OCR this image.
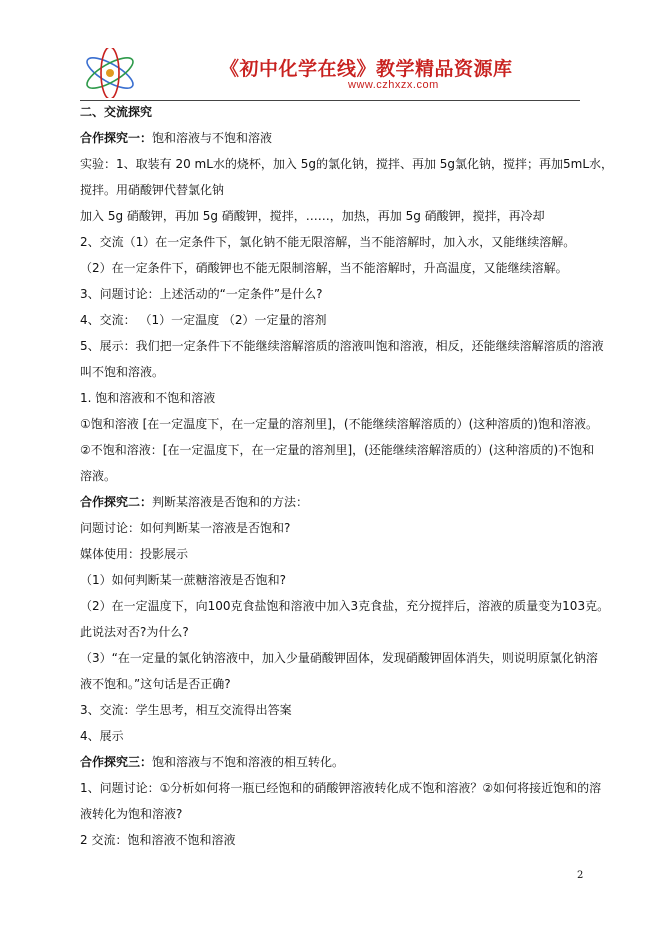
《初中化学在线》教学精品资源库
www.czhxzx.com
二、交流探究
合作探究一：饱和溶液与不饱和溶液
实验：1、取装有 20 mL水的烧杯，加入 5g的氯化钠，搅拌、再加 5g氯化钠，搅拌；再加5mL水，
搅拌。用硝酸钾代替氯化钠
加入 5g 硝酸钾，再加 5g 硝酸钾，搅拌，……，加热，再加 5g 硝酸钾，搅拌，再冷却
2、交流（1）在一定条件下，氯化钠不能无限溶解，当不能溶解时，加入水，又能继续溶解。
（2）在一定条件下，硝酸钾也不能无限制溶解，当不能溶解时，升高温度，又能继续溶解。
3、问题讨论：上述活动的“一定条件”是什么?
4、交流： （1）一定温度 （2）一定量的溶剂
5、展示：我们把一定条件下不能继续溶解溶质的溶液叫饱和溶液，相反，还能继续溶解溶质的溶液
叫不饱和溶液。
1. 饱和溶液和不饱和溶液
①饱和溶液 [在一定温度下，在一定量的溶剂里]，(不能继续溶解溶质的）(这种溶质的)饱和溶液。
②不饱和溶液：[在一定温度下，在一定量的溶剂里]，(还能继续溶解溶质的）(这种溶质的)不饱和
溶液。
合作探究二：判断某溶液是否饱和的方法：
问题讨论：如何判断某一溶液是否饱和?
媒体使用：投影展示
（1）如何判断某一蔗糖溶液是否饱和?
（2）在一定温度下，向100克食盐饱和溶液中加入3克食盐，充分搅拌后，溶液的质量变为103克。
此说法对否?为什么?
（3）“在一定量的氯化钠溶液中，加入少量硝酸钾固体，发现硝酸钾固体消失，则说明原氯化钠溶
液不饱和。”这句话是否正确?
3、交流：学生思考，相互交流得出答案
4、展示
合作探究三：饱和溶液与不饱和溶液的相互转化。
1、问题讨论：①分析如何将一瓶已经饱和的硝酸钾溶液转化成不饱和溶液？②如何将接近饱和的溶
液转化为饱和溶液?
2 交流：饱和溶液不饱和溶液
2
